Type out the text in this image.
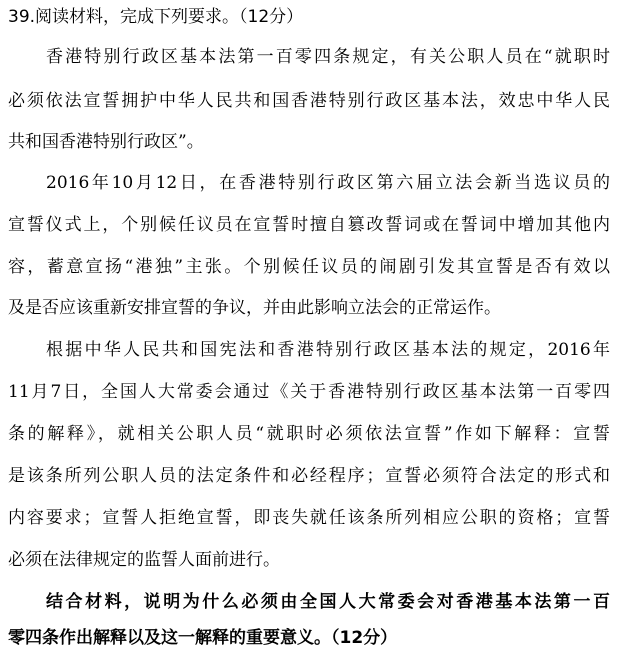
39.阅读材料，完成下列要求。（12分）
香港特别行政区基本法第一百零四条规定，有关公职人员在“就职时
必须依法宣誓拥护中华人民共和国香港特别行政区基本法，效忠中华人民
共和国香港特别行政区”。
2016年10月12日，在香港特别行政区第六届立法会新当选议员的
宣誓仪式上，个别候任议员在宣誓时擅自篡改誓词或在誓词中增加其他内
容，蓄意宣扬“港独”主张。个别候任议员的闹剧引发其宣誓是否有效以
及是否应该重新安排宣誓的争议，并由此影响立法会的正常运作。
根据中华人民共和国宪法和香港特别行政区基本法的规定，2016年
11月7日，全国人大常委会通过《关于香港特别行政区基本法第一百零四
条的解释》，就相关公职人员“就职时必须依法宣誓”作如下解释：宣誓
是该条所列公职人员的法定条件和必经程序；宣誓必须符合法定的形式和
内容要求；宣誓人拒绝宣誓，即丧失就任该条所列相应公职的资格；宣誓
必须在法律规定的监誓人面前进行。
结合材料，说明为什么必须由全国人大常委会对香港基本法第一百
零四条作出解释以及这一解释的重要意义。（12分）
